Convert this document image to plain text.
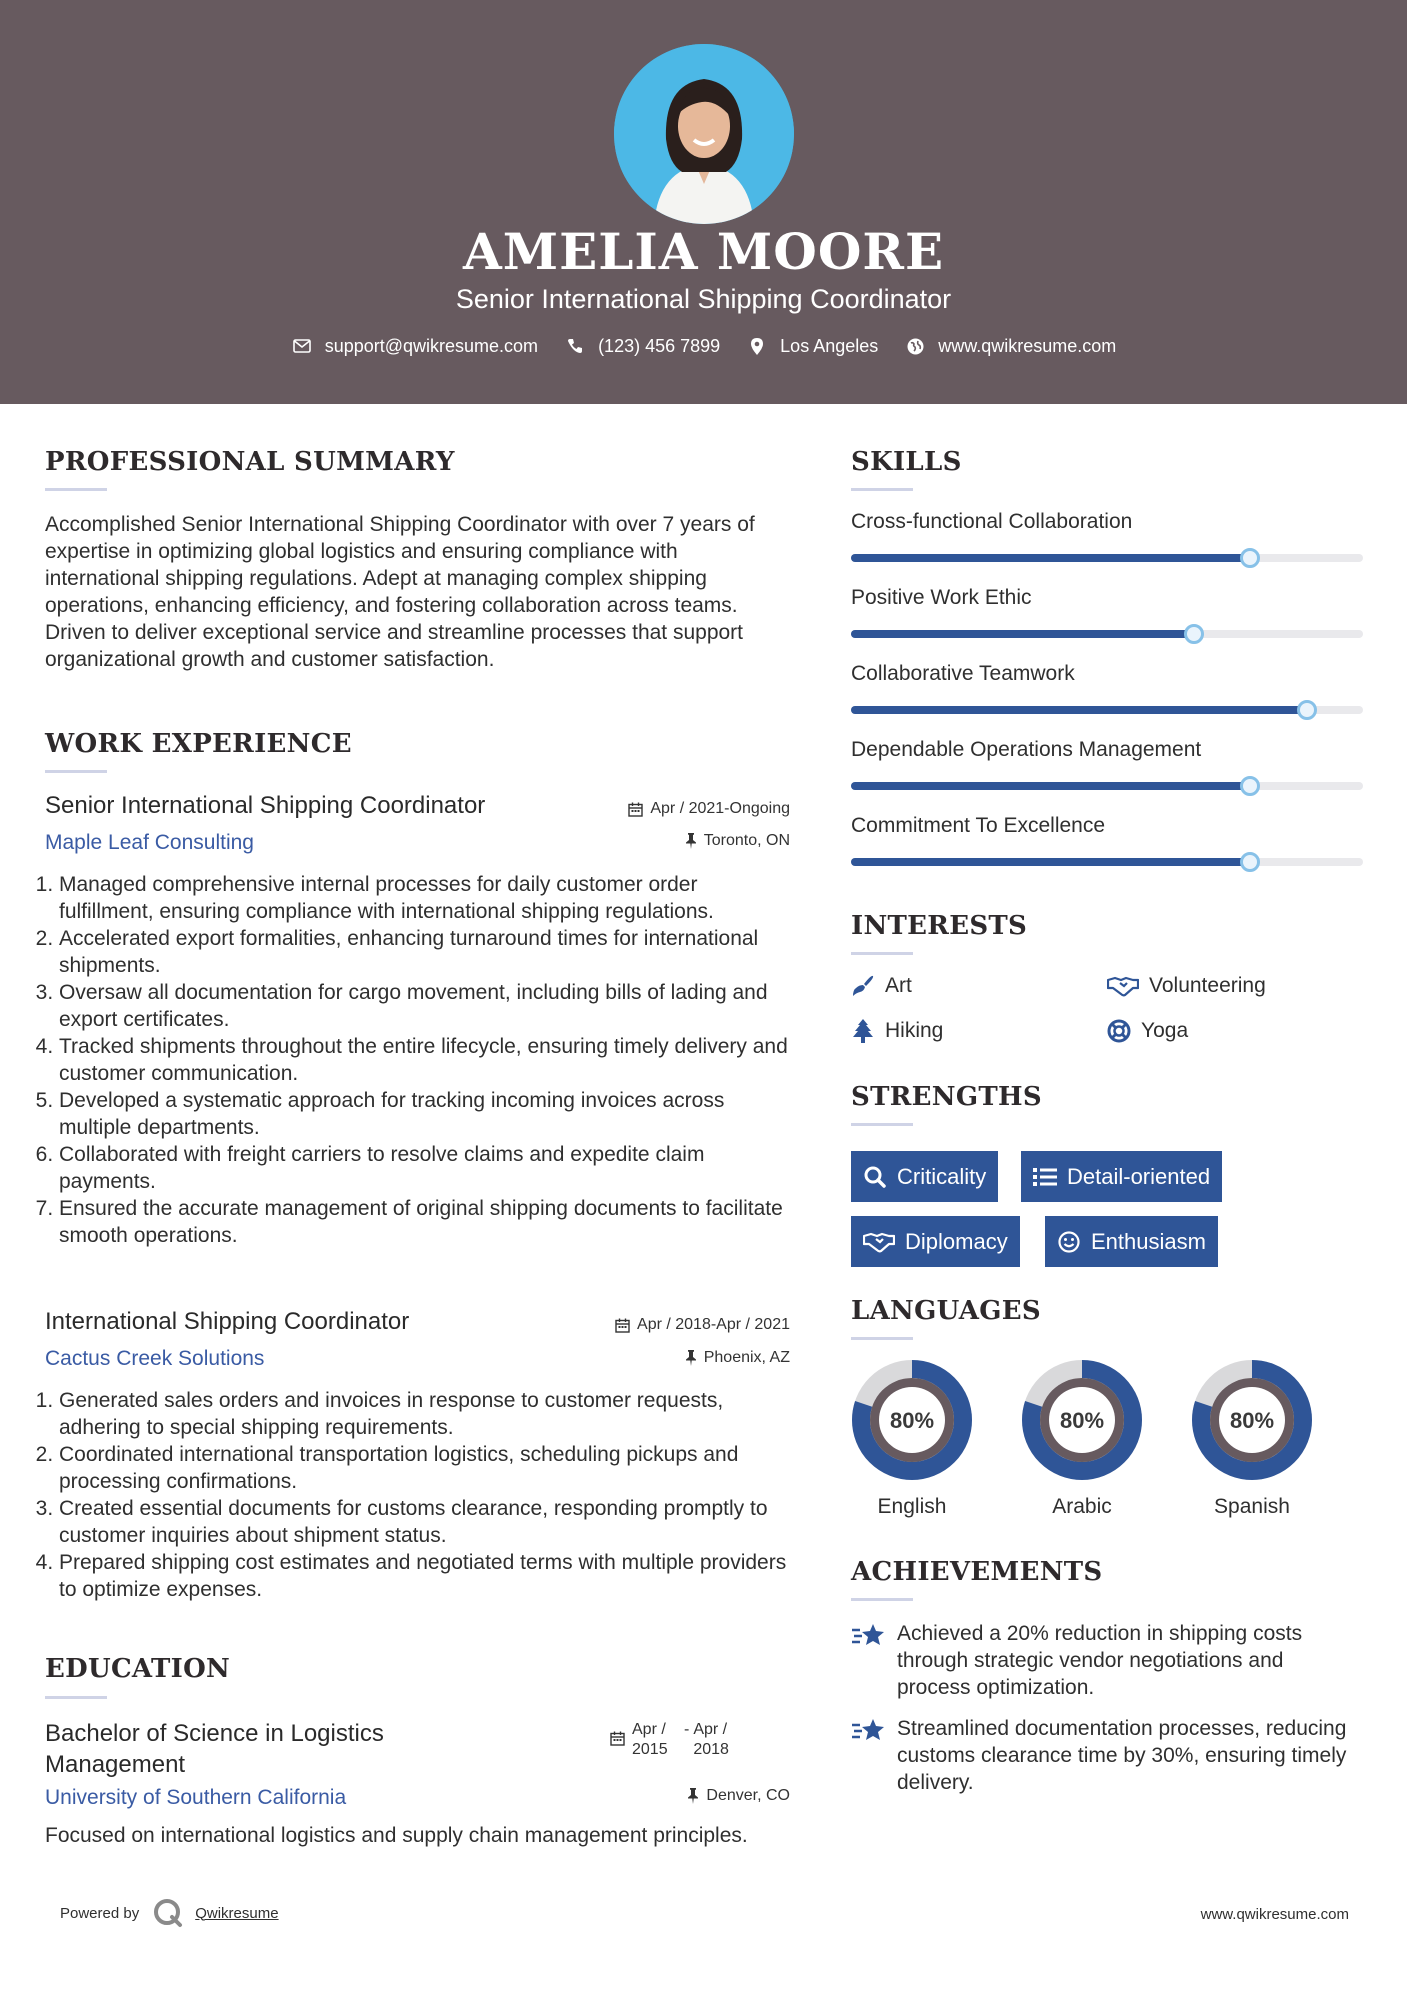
AMELIA MOORE
Senior International Shipping Coordinator
support@qwikresume.com	(123) 456 7899	Los Angeles	www.qwikresume.com
PROFESSIONAL SUMMARY
Accomplished Senior International Shipping Coordinator with over 7 years of expertise in optimizing global logistics and ensuring compliance with international shipping regulations. Adept at managing complex shipping operations, enhancing efficiency, and fostering collaboration across teams. Driven to deliver exceptional service and streamline processes that support organizational growth and customer satisfaction.
WORK EXPERIENCE
Senior International Shipping Coordinator	Apr / 2021-Ongoing
Maple Leaf Consulting	Toronto, ON
1. Managed comprehensive internal processes for daily customer order fulfillment, ensuring compliance with international shipping regulations.
2. Accelerated export formalities, enhancing turnaround times for international shipments.
3. Oversaw all documentation for cargo movement, including bills of lading and export certificates.
4. Tracked shipments throughout the entire lifecycle, ensuring timely delivery and customer communication.
5. Developed a systematic approach for tracking incoming invoices across multiple departments.
6. Collaborated with freight carriers to resolve claims and expedite claim payments.
7. Ensured the accurate management of original shipping documents to facilitate smooth operations.
International Shipping Coordinator	Apr / 2018-Apr / 2021
Cactus Creek Solutions	Phoenix, AZ
1. Generated sales orders and invoices in response to customer requests, adhering to special shipping requirements.
2. Coordinated international transportation logistics, scheduling pickups and processing confirmations.
3. Created essential documents for customs clearance, responding promptly to customer inquiries about shipment status.
4. Prepared shipping cost estimates and negotiated terms with multiple providers to optimize expenses.
EDUCATION
Bachelor of Science in Logistics Management
Apr / 2015
- Apr / 2018
University of Southern California	Denver, CO
Focused on international logistics and supply chain management principles.
SKILLS
Cross-functional Collaboration
Positive Work Ethic
Collaborative Teamwork
Dependable Operations Management
Commitment To Excellence
INTERESTS
Art	Volunteering
Hiking	Yoga
STRENGTHS
Criticality	Detail-oriented
Diplomacy	Enthusiasm
LANGUAGES
80%
English
80%
Arabic
80%
Spanish
ACHIEVEMENTS
Achieved a 20% reduction in shipping costs through strategic vendor negotiations and process optimization.
Streamlined documentation processes, reducing customs clearance time by 30%, ensuring timely delivery.
Powered by	Qwikresume	www.qwikresume.com
